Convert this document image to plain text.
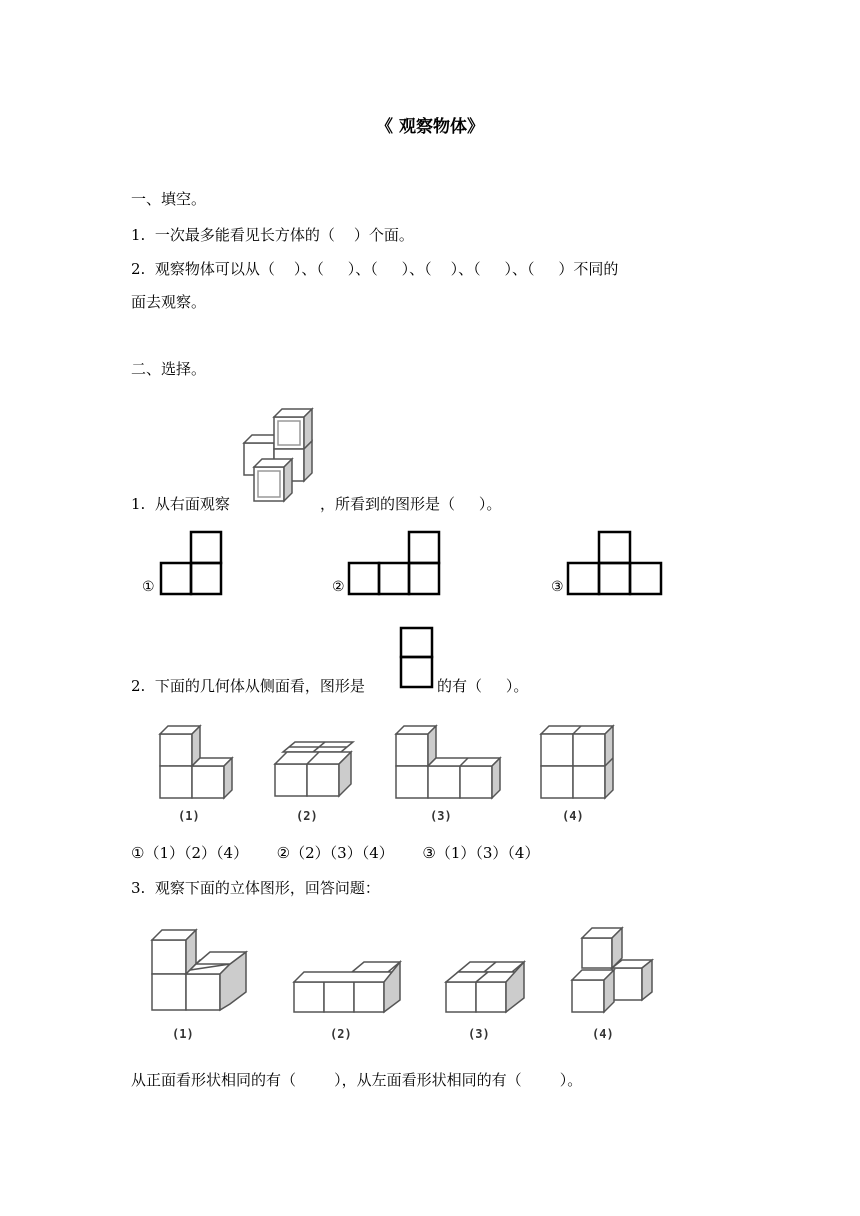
《 观察物体》
一、填空。
1.  一次最多能看见长方体的（    ）个面。
2.  观察物体可以从（    ）、（     ）、（     ）、（    ）、（     ）、（     ）不同的
面去观察。
二、选择。
1.  从右面观察	，所看到的图形是（     ）。
①	②	③
2.  下面的几何体从侧面看，图形是	的有（     ）。
(1)	(2)	(3)	(4)
①（1）（2）（4）      ②（2）（3）（4）      ③（1）（3）（4）
3.  观察下面的立体图形，回答问题：
(1)	(2)	(3)	(4)
从正面看形状相同的有（        ），从左面看形状相同的有（        ）。
